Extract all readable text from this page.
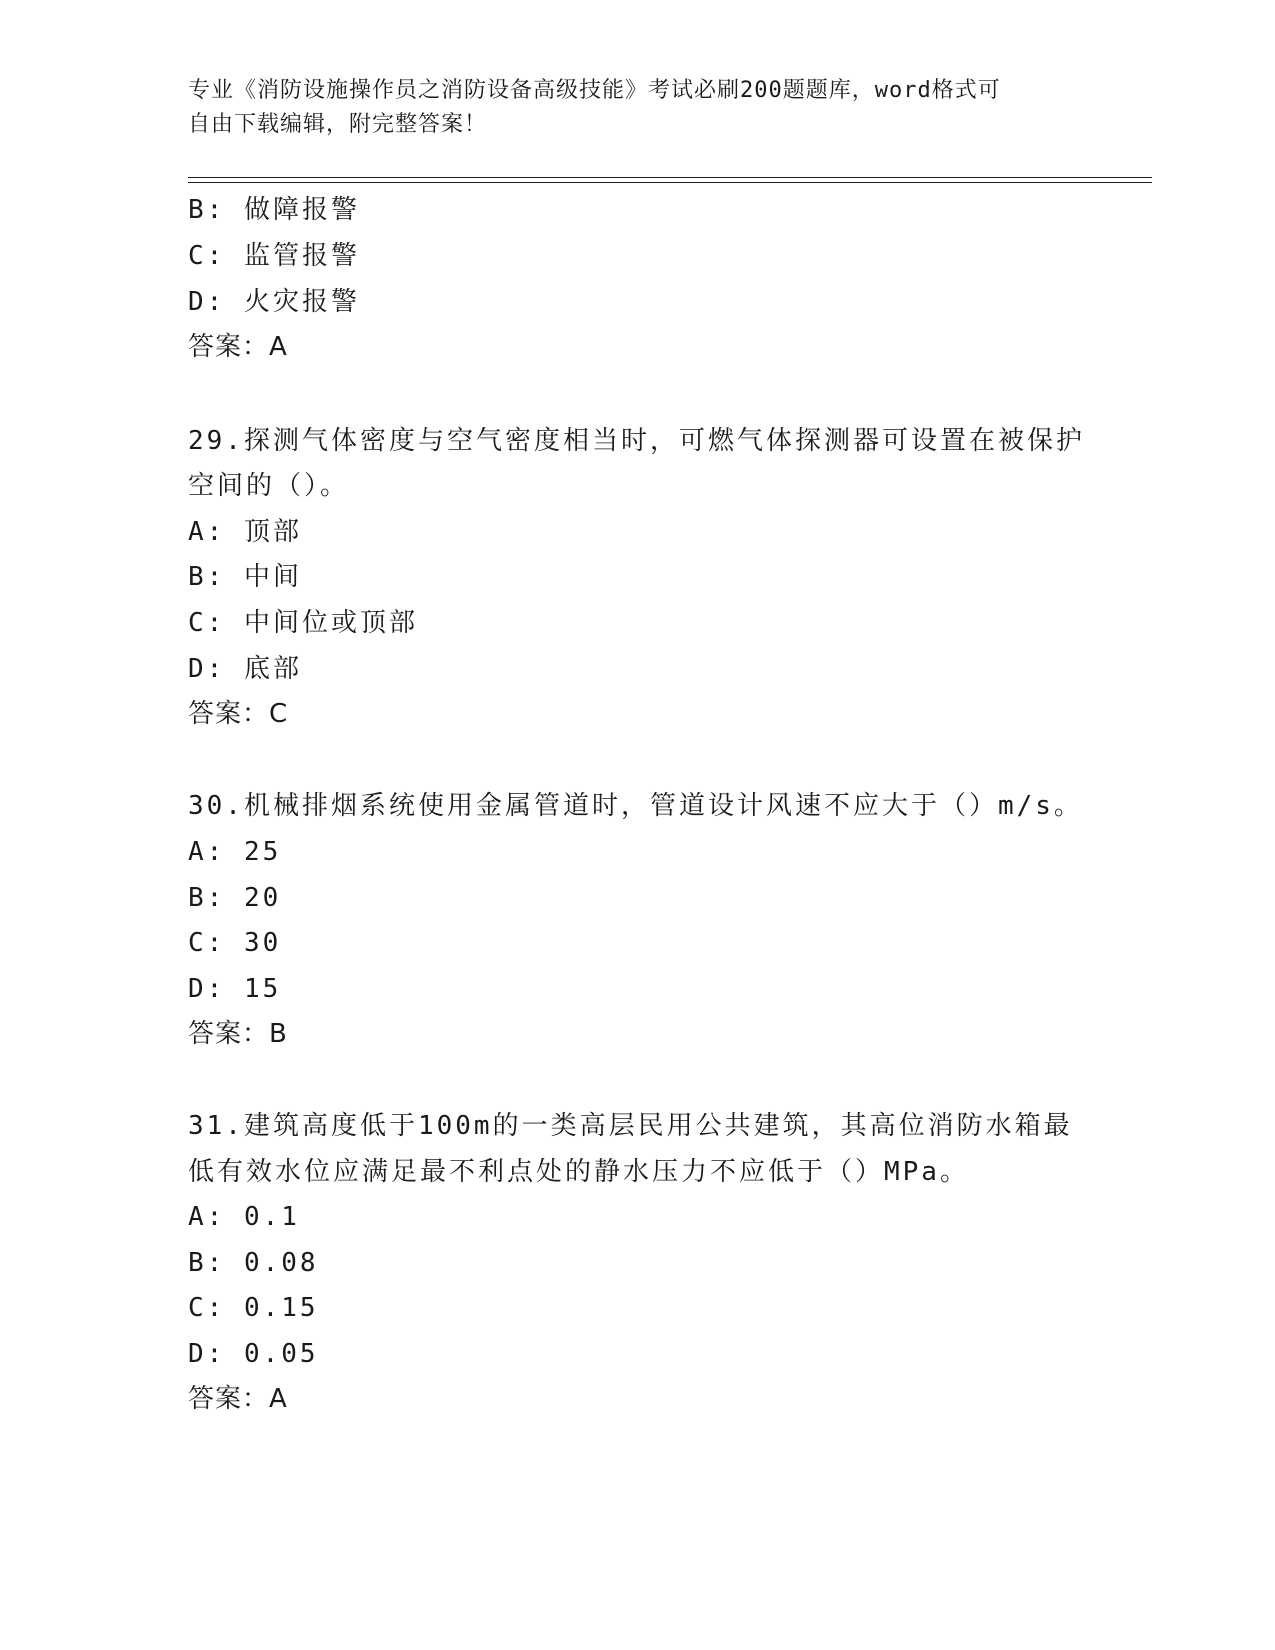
专业《消防设施操作员之消防设备高级技能》考试必刷200题题库，word格式可
自由下载编辑，附完整答案！
B: 做障报警
C: 监管报警
D: 火灾报警
答案：A
29.探测气体密度与空气密度相当时，可燃气体探测器可设置在被保护
空间的（）。
A: 顶部
B: 中间
C: 中间位或顶部
D: 底部
答案：C
30.机械排烟系统使用金属管道时，管道设计风速不应大于（）m/s。
A: 25
B: 20
C: 30
D: 15
答案：B
31.建筑高度低于100m的一类高层民用公共建筑，其高位消防水箱最
低有效水位应满足最不利点处的静水压力不应低于（）MPa。
A: 0.1
B: 0.08
C: 0.15
D: 0.05
答案：A
